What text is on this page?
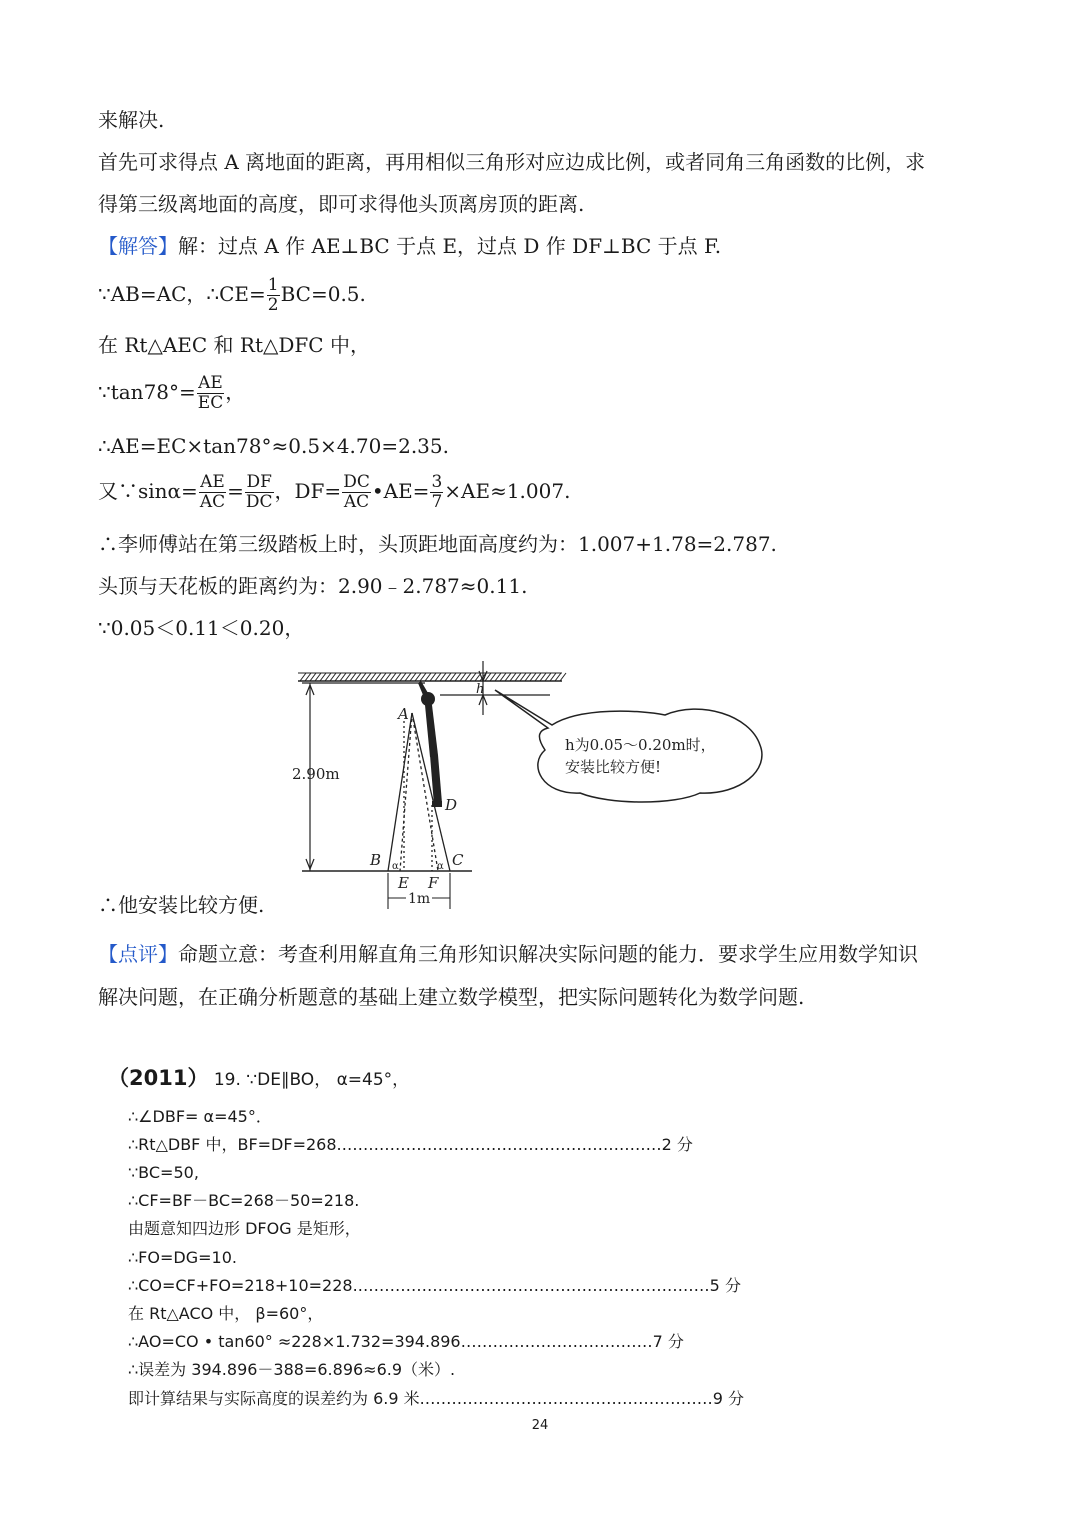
来解决.
首先可求得点 A 离地面的距离，再用相似三角形对应边成比例，或者同角三角函数的比例，求
得第三级离地面的高度，即可求得他头顶离房顶的距离.
【解答】解：过点 A 作 AE⊥BC 于点 E，过点 D 作 DF⊥BC 于点 F.
∵AB=AC，∴CE= $\frac{1}{2} BC=0.5$.
在 Rt△AEC 和 Rt△DFC 中，
∵tan78°= $\frac{AE}{EC}$ ，
∴AE=EC×tan78°≈0.5×4.70=2.35.
又∵sinα= $\frac{AE}{AC} = \frac{DF}{DC}$ ，$DF= \frac{DC}{AC}$ •AE= $\frac{3}{7} \times AE\approx 1.007$.
∴李师傅站在第三级踏板上时，头顶距地面高度约为：1.007+1.78=2.787.
头顶与天花板的距离约为：2.90﹣2.787≈0.11.
∵0.05＜0.11＜0.20，
2.90m
h
h为0.05～0.20m时，
安装比较方便!
A
D
B	C
α	α
E F
1m
∴他安装比较方便.
【点评】命题立意：考查利用解直角三角形知识解决实际问题的能力．要求学生应用数学知识
解决问题，在正确分析题意的基础上建立数学模型，把实际问题转化为数学问题.
（2011） 19. ∵DE∥BO， α=45°，
∴∠DBF= α=45°．
∴Rt△DBF 中，BF=DF=268.……………………………………………………2 分
∵BC=50,
∴CF=BF－BC=268－50=218.
由题意知四边形 DFOG 是矩形，
∴FO=DG=10.
∴CO=CF+FO=218+10=228.…………………………………………………………5 分
在 Rt△ACO 中， β=60°，
∴AO=CO • tan60° ≈228×1.732=394.896………………………………7 分
∴误差为 394.896－388=6.896≈6.9（米）.
即计算结果与实际高度的误差约为 6.9 米.………………………………………………9 分
24
